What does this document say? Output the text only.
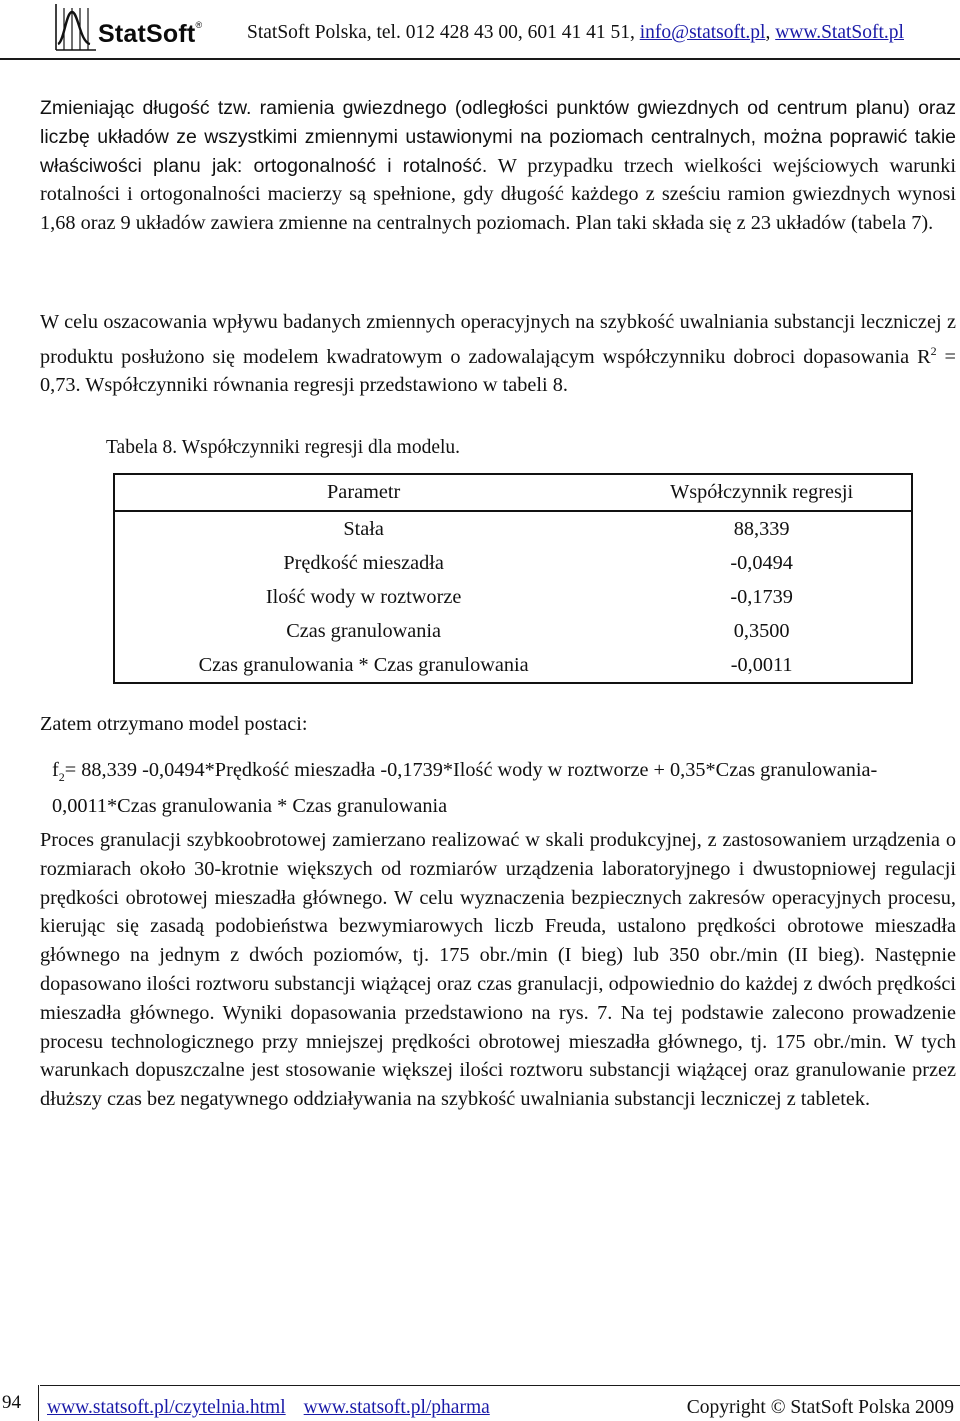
StatSoft® StatSoft Polska, tel. 012 428 43 00, 601 41 41 51, info@statsoft.pl, www.StatSoft.pl

Zmieniając długość tzw. ramienia gwiezdnego (odległości punktów gwiezdnych od centrum planu) oraz liczbę układów ze wszystkimi zmiennymi ustawionymi na poziomach centralnych, można poprawić takie właściwości planu jak: ortogonalność i rotalność. W przypadku trzech wielkości wejściowych warunki rotalności i ortogonalności macierzy są spełnione, gdy długość każdego z sześciu ramion gwiezdnych wynosi 1,68 oraz 9 układów zawiera zmienne na centralnych poziomach. Plan taki składa się z 23 układów (tabela 7).

W celu oszacowania wpływu badanych zmiennych operacyjnych na szybkość uwalniania substancji leczniczej z produktu posłużono się modelem kwadratowym o zadowalającym współczynniku dobroci dopasowania $R^2 = 0,73$. Współczynniki równania regresji przedstawiono w tabeli 8.

Tabela 8. Współczynniki regresji dla modelu.
Parametr	Współczynnik regresji
Stała	88,339
Prędkość mieszadła	-0,0494
Ilość wody w roztworze	-0,1739
Czas granulowania	0,3500
Czas granulowania * Czas granulowania	-0,0011
Zatem otrzymano model postaci:
$f_2= 88,339$ -0,0494*Prędkość mieszadła -0,1739*Ilość wody w roztworze + 0,35*Czas granulowania-0,0011*Czas granulowania * Czas granulowania

Proces granulacji szybkoobrotowej zamierzano realizować w skali produkcyjnej, z zastosowaniem urządzenia o rozmiarach około 30-krotnie większych od rozmiarów urządzenia laboratoryjnego i dwustopniowej regulacji prędkości obrotowej mieszadła głównego. W celu wyznaczenia bezpiecznych zakresów operacyjnych procesu, kierując się zasadą podobieństwa bezwymiarowych liczb Freuda, ustalono prędkości obrotowe mieszadła głównego na jednym z dwóch poziomów, tj. 175 obr./min (I bieg) lub 350 obr./min (II bieg). Następnie dopasowano ilości roztworu substancji wiążącej oraz czas granulacji, odpowiednio do każdej z dwóch prędkości mieszadła głównego. Wyniki dopasowania przedstawiono na rys. 7. Na tej podstawie zalecono prowadzenie procesu technologicznego przy mniejszej prędkości obrotowej mieszadła głównego, tj. 175 obr./min. W tych warunkach dopuszczalne jest stosowanie większej ilości roztworu substancji wiążącej oraz granulowanie przez dłuższy czas bez negatywnego oddziaływania na szybkość uwalniania substancji leczniczej z tabletek.

94 www.statsoft.pl/czytelnia.html www.statsoft.pl/pharma	Copyright © StatSoft Polska 2009
